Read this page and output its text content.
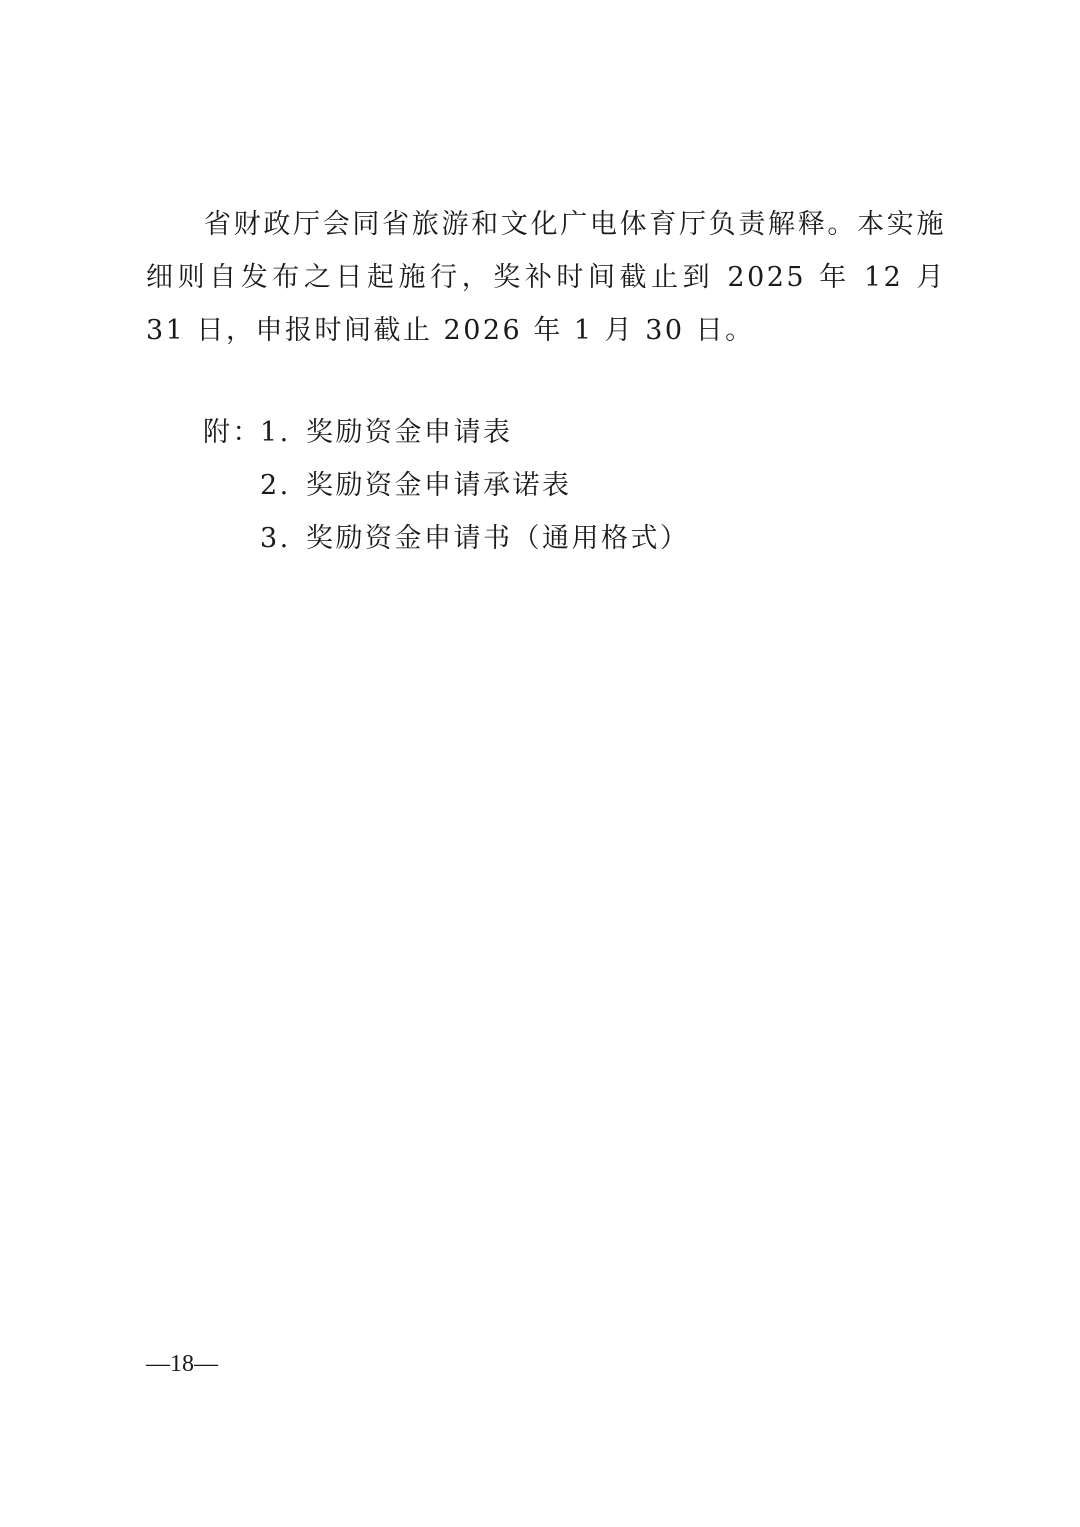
省财政厅会同省旅游和文化广电体育厅负责解释。本实施细则自发布之日起施行，奖补时间截止到 2025 年 12 月 31 日，申报时间截止 2026 年 1 月 30 日。

附：1. 奖励资金申请表
2. 奖励资金申请承诺表
3. 奖励资金申请书（通用格式）
—18—
